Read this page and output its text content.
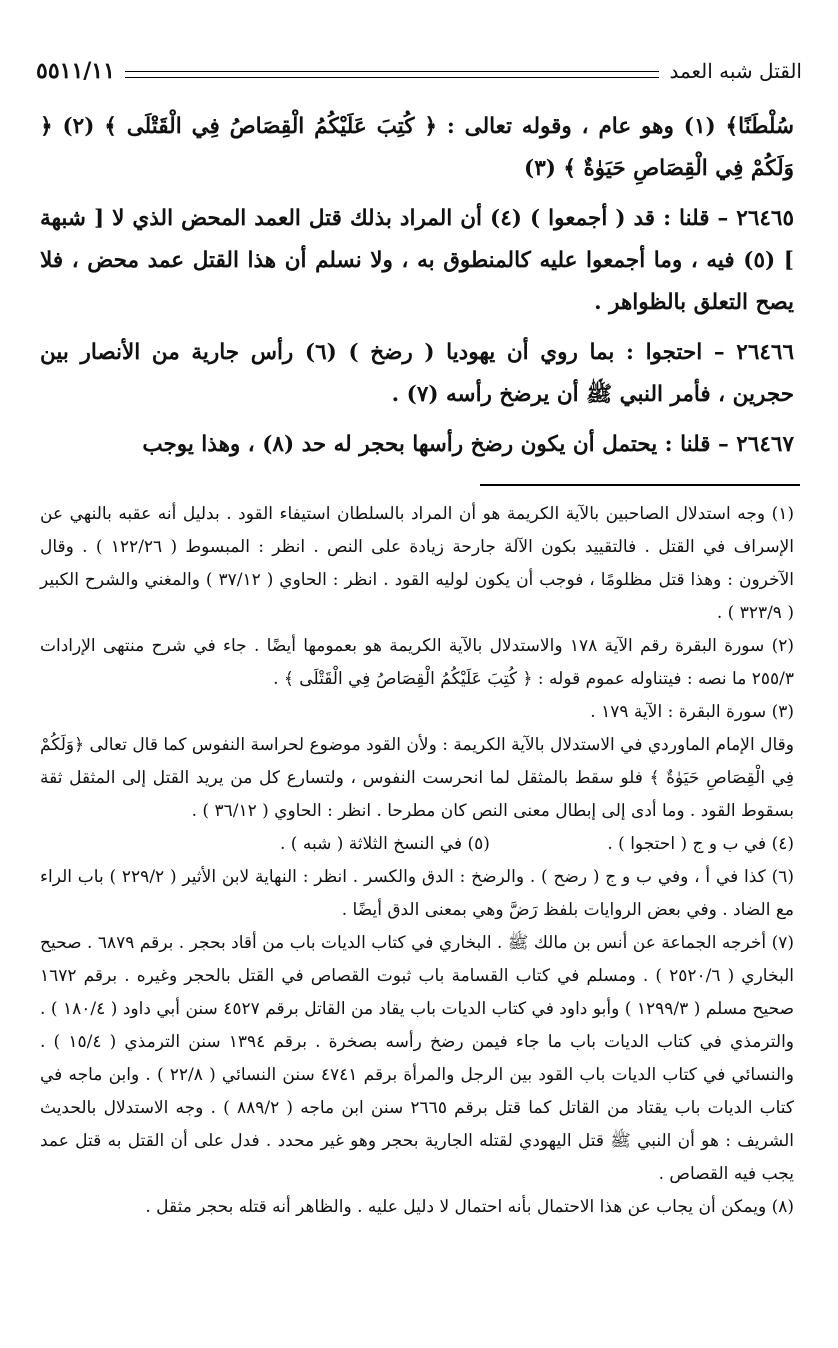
القتل شبه العمد
٥٥١١/١١

سُلْطَنًا﴾ (١) وهو عام ، وقوله تعالى : ﴿ كُتِبَ عَلَيْكُمُ الْقِصَاصُ فِي الْقَتْلَى ﴾ (٢) ﴿ وَلَكُمْ فِي الْقِصَاصِ حَيَوٰةٌ ﴾ (٣)

٢٦٤٦٥ – قلنا : قد ( أجمعوا ) (٤) أن المراد بذلك قتل العمد المحض الذي لا [ شبهة ] (٥) فيه ، وما أجمعوا عليه كالمنطوق به ، ولا نسلم أن هذا القتل عمد محض ، فلا يصح التعلق بالظواهر .

٢٦٤٦٦ – احتجوا : بما روي أن يهوديا ( رضخ ) (٦) رأس جارية من الأنصار بين حجرين ، فأمر النبي ﷺ أن يرضخ رأسه (٧) .

٢٦٤٦٧ – قلنا : يحتمل أن يكون رضخ رأسها بحجر له حد (٨) ، وهذا يوجب

(١) وجه استدلال الصاحبين بالآية الكريمة هو أن المراد بالسلطان استيفاء القود . بدليل أنه عقبه بالنهي عن الإسراف في القتل . فالتقييد بكون الآلة جارحة زيادة على النص . انظر : المبسوط ( ١٢٢/٢٦ ) . وقال الآخرون : وهذا قتل مظلومًا ، فوجب أن يكون لوليه القود . انظر : الحاوي ( ٣٧/١٢ ) والمغني والشرح الكبير ( ٣٢٣/٩ ) .

(٢) سورة البقرة رقم الآية ١٧٨ والاستدلال بالآية الكريمة هو بعمومها أيضًا . جاء في شرح منتهى الإرادات ٢٥٥/٣ ما نصه : فيتناوله عموم قوله : ﴿ كُتِبَ عَلَيْكُمُ الْقِصَاصُ فِي الْقَتْلَى ﴾ .

(٣) سورة البقرة : الآية ١٧٩ .

وقال الإمام الماوردي في الاستدلال بالآية الكريمة : ولأن القود موضوع لحراسة النفوس كما قال تعالى ﴿وَلَكُمْ فِي الْقِصَاصِ حَيَوٰةٌ ﴾ فلو سقط بالمثقل لما انحرست النفوس ، ولتسارع كل من يريد القتل إلى المثقل ثقة بسقوط القود . وما أدى إلى إبطال معنى النص كان مطرحا . انظر : الحاوي ( ٣٦/١٢ ) .

(٤) في ب و ج ( احتجوا ) .
(٥) في النسخ الثلاثة ( شبه ) .

(٦) كذا في أ ، وفي ب و ج ( رضح ) . والرضخ : الدق والكسر . انظر : النهاية لابن الأثير ( ٢٢٩/٢ ) باب الراء مع الضاد . وفي بعض الروايات بلفظ رَضَّ وهي بمعنى الدق أيضًا .

(٧) أخرجه الجماعة عن أنس بن مالك ﷺ . البخاري في كتاب الديات باب من أقاد بحجر . برقم ٦٨٧٩ . صحيح البخاري ( ٢٥٢٠/٦ ) . ومسلم في كتاب القسامة باب ثبوت القصاص في القتل بالحجر وغيره . برقم ١٦٧٢ صحيح مسلم ( ١٢٩٩/٣ ) وأبو داود في كتاب الديات باب يقاد من القاتل برقم ٤٥٢٧ سنن أبي داود ( ١٨٠/٤ ) . والترمذي في كتاب الديات باب ما جاء فيمن رضخ رأسه بصخرة . برقم ١٣٩٤ سنن الترمذي ( ١٥/٤ ) . والنسائي في كتاب الديات باب القود بين الرجل والمرأة برقم ٤٧٤١ سنن النسائي ( ٢٢/٨ ) . وابن ماجه في كتاب الديات باب يقتاد من القاتل كما قتل برقم ٢٦٦٥ سنن ابن ماجه ( ٨٨٩/٢ ) . وجه الاستدلال بالحديث الشريف : هو أن النبي ﷺ قتل اليهودي لقتله الجارية بحجر وهو غير محدد . فدل على أن القتل به قتل عمد يجب فيه القصاص .

(٨) ويمكن أن يجاب عن هذا الاحتمال بأنه احتمال لا دليل عليه . والظاهر أنه قتله بحجر مثقل .
